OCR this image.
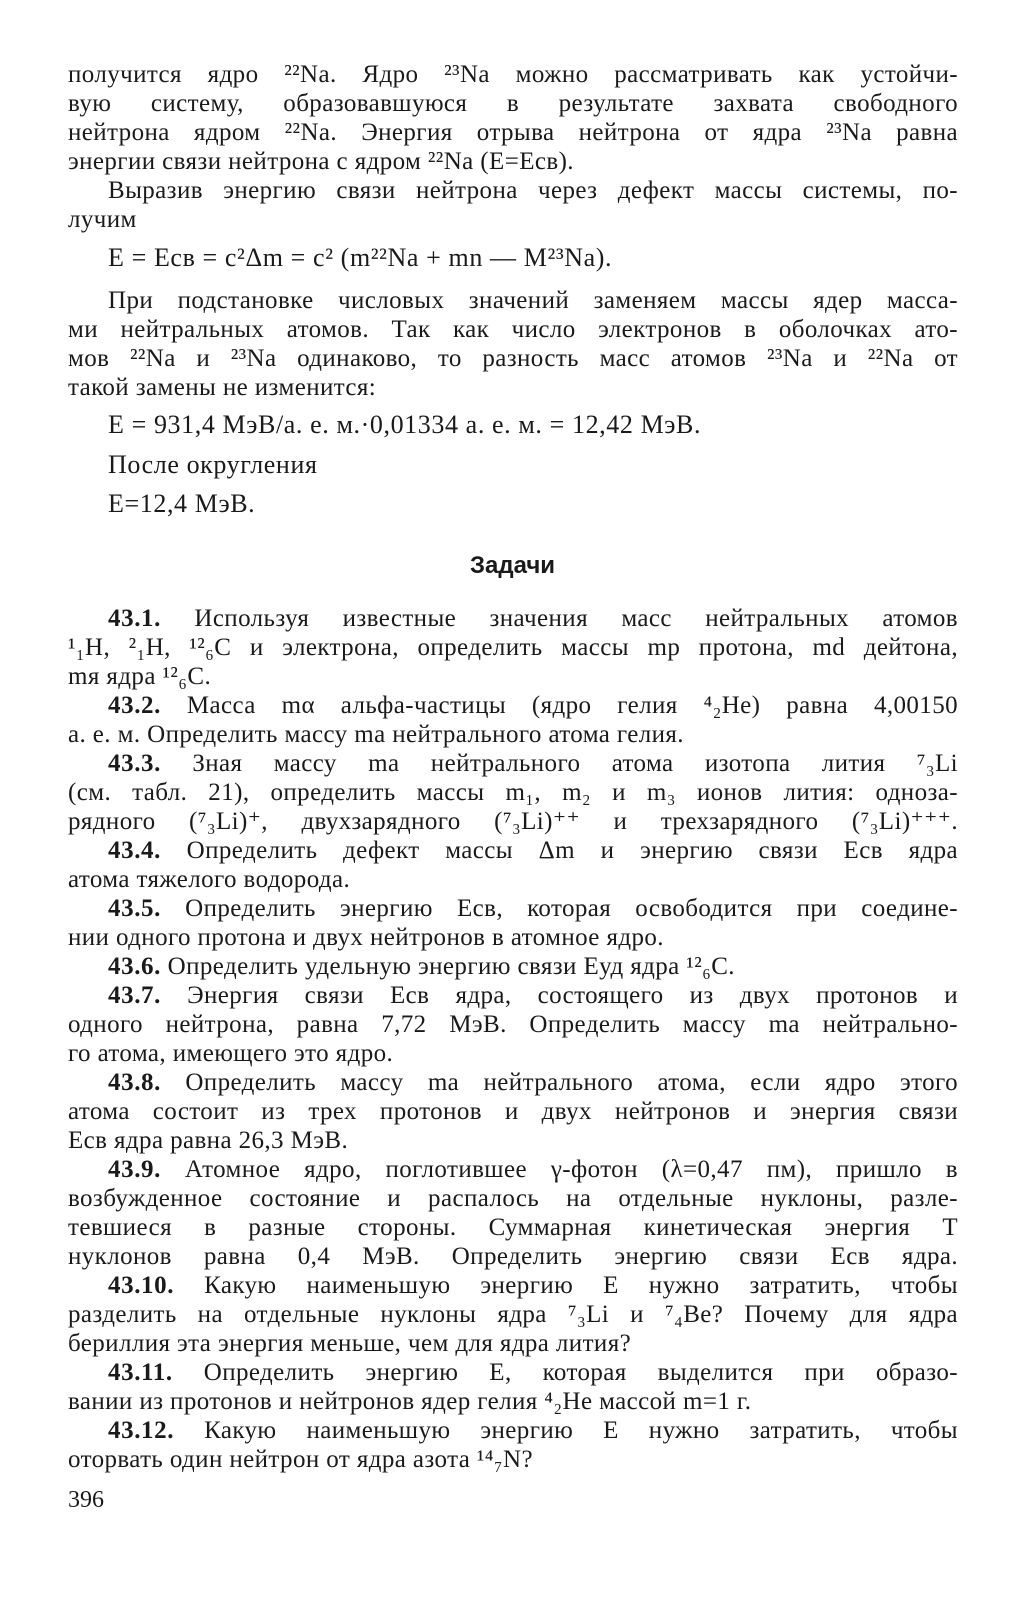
получится ядро ²²Na. Ядро ²³Na можно рассматривать как устойчи-
вую систему, образовавшуюся в результате захвата свободного
нейтрона ядром ²²Na. Энергия отрыва нейтрона от ядра ²³Na равна
энергии связи нейтрона с ядром ²²Na (E=Eсв).
Выразив энергию связи нейтрона через дефект массы системы, по-
лучим
E = Eсв = c²Δm = c² (m²²Na + mn — M²³Na).
При подстановке числовых значений заменяем массы ядер масса-
ми нейтральных атомов. Так как число электронов в оболочках ато-
мов ²²Na и ²³Na одинаково, то разность масс атомов ²³Na и ²²Na от
такой замены не изменится:
E = 931,4 МэВ/а. е. м.·0,01334 а. е. м. = 12,42 МэВ.
После округления
E=12,4 МэВ.
Задачи
43.1. Используя известные значения масс нейтральных атомов
¹₁H, ²₁H, ¹²₆C и электрона, определить массы mp протона, md дейтона,
mя ядра ¹²₆C.
43.2. Масса mα альфа-частицы (ядро гелия ⁴₂He) равна 4,00150
а. е. м. Определить массу ma нейтрального атома гелия.
43.3. Зная массу ma нейтрального атома изотопа лития ⁷₃Li
(см. табл. 21), определить массы m₁, m₂ и m₃ ионов лития: одноза-
рядного (⁷₃Li)⁺, двухзарядного (⁷₃Li)⁺⁺ и трехзарядного (⁷₃Li)⁺⁺⁺.
43.4. Определить дефект массы Δm и энергию связи Eсв ядра
атома тяжелого водорода.
43.5. Определить энергию Eсв, которая освободится при соедине-
нии одного протона и двух нейтронов в атомное ядро.
43.6. Определить удельную энергию связи Eуд ядра ¹²₆C.
43.7. Энергия связи Eсв ядра, состоящего из двух протонов и
одного нейтрона, равна 7,72 МэВ. Определить массу ma нейтрально-
го атома, имеющего это ядро.
43.8. Определить массу ma нейтрального атома, если ядро этого
атома состоит из трех протонов и двух нейтронов и энергия связи
Eсв ядра равна 26,3 МэВ.
43.9. Атомное ядро, поглотившее γ-фотон (λ=0,47 пм), пришло в
возбужденное состояние и распалось на отдельные нуклоны, разле-
тевшиеся в разные стороны. Суммарная кинетическая энергия T
нуклонов равна 0,4 МэВ. Определить энергию связи Eсв ядра.
43.10. Какую наименьшую энергию E нужно затратить, чтобы
разделить на отдельные нуклоны ядра ⁷₃Li и ⁷₄Be? Почему для ядра
бериллия эта энергия меньше, чем для ядра лития?
43.11. Определить энергию E, которая выделится при образо-
вании из протонов и нейтронов ядер гелия ⁴₂He массой m=1 г.
43.12. Какую наименьшую энергию E нужно затратить, чтобы
оторвать один нейтрон от ядра азота ¹⁴₇N?
396
